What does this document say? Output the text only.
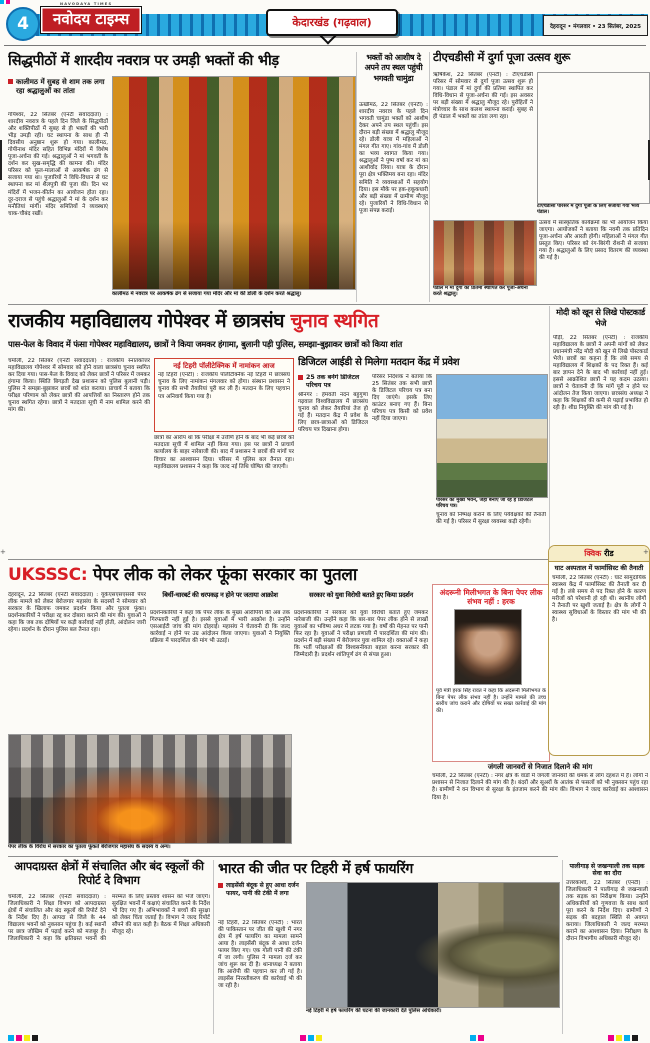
4
NAVODAYA TIMES
नवोदय टाइम्स	केदारखंड (गढ़वाल)	देहरादून • मंगलवार • 23 सितंबर, 2025
सिद्धपीठों में शारदीय नवरात्र पर उमड़ी भक्तों की भीड़
कालीमठ में सुबह से शाम तक लगा रहा श्रद्धालुओं का तांता
गोपेश्वर, 22 सितंबर (एनटी संवाददाता) : शारदीय नवरात्र के पहले दिन जिले के सिद्धपीठों और शक्तिपीठों में सुबह से ही भक्तों की भारी भीड़ उमड़ी रही। घट स्थापना के साथ ही नौ दिवसीय अनुष्ठान शुरू हो गया। कालीमठ, गोपीनाथ मंदिर सहित विभिन्न मंदिरों में विशेष पूजा-अर्चना की गई। श्रद्धालुओं ने मां भगवती के दर्शन कर सुख-समृद्धि की कामना की। मंदिर परिसर को फूल-मालाओं से आकर्षक ढंग से सजाया गया था। पुजारियों ने विधि-विधान से घट स्थापना कर मां शैलपुत्री की पूजा की। दिन भर मंदिरों में भजन-कीर्तन का आयोजन होता रहा। दूर-दराज से पहुंचे श्रद्धालुओं ने मां के दर्शन कर मनौतियां मांगीं। मंदिर समितियों ने व्यवस्थाएं चाक-चौबंद रखीं।
कालीमठ में नवरात्र पर आकर्षक ढंग से सजाया गया मंदिर और मां की डोली के दर्शन करते श्रद्धालु।
भक्तों को आशीष दे अपने तप स्थल पहुंची भगवती चामुंडा
ऊखीमठ, 22 सितंबर (एनटी) : शारदीय नवरात्र के पहले दिन भगवती चामुंडा भक्तों को आशीष देकर अपने तप स्थल पहुंचीं। इस दौरान बड़ी संख्या में श्रद्धालु मौजूद रहे। डोली यात्रा में महिलाओं ने मंगल गीत गाए। गांव-गांव में डोली का भव्य स्वागत किया गया। श्रद्धालुओं ने पुष्प वर्षा कर मां का आशीर्वाद लिया। यात्रा के दौरान पूरा क्षेत्र भक्तिमय बना रहा। मंदिर समिति ने व्यवस्थाओं में सहयोग दिया। इस मौके पर हक-हकूकधारी और बड़ी संख्या में ग्रामीण मौजूद रहे। पुजारियों ने विधि-विधान से पूजा संपन्न कराई।
टीएचडीसी में दुर्गा पूजा उत्सव शुरू
ऋषिकेश, 22 सितंबर (एनटी) : टीएचडीसी परिसर में सोमवार से दुर्गा पूजा उत्सव शुरू हो गया। पंडाल में मां दुर्गा की प्रतिमा स्थापित कर विधि-विधान से पूजा-अर्चना की गई। इस अवसर पर बड़ी संख्या में श्रद्धालु मौजूद रहे। पुरोहितों ने मंत्रोच्चार के साथ कलश स्थापना कराई। सुबह से ही पंडाल में भक्तों का तांता लगा रहा।
टीएचडीसी परिसर में दुर्गा पूजा के लिए सजाया गया भव्य पंडाल।
पंडाल में मां दुर्गा की प्रतिमा स्थापित कर पूजा-अर्चना करते श्रद्धालु।
उत्सव में सांस्कृतिक कार्यक्रमों का भी आयोजन किया जाएगा। आयोजकों ने बताया कि नवमी तक प्रतिदिन पूजा-अर्चना और आरती होगी। महिलाओं ने मंगल गीत प्रस्तुत किए। परिसर को रंग-बिरंगी रोशनी से सजाया गया है। श्रद्धालुओं के लिए प्रसाद वितरण की व्यवस्था की गई है।
राजकीय महाविद्यालय गोपेश्वर में छात्रसंघ चुनाव स्थगित
पास-फेल के विवाद में फंसा गोपेश्वर महाविद्यालय, छात्रों ने किया जमकर हंगामा, बुलानी पड़ी पुलिस, समझा-बुझाकर छात्रों को किया शांत
चमोली, 22 सितंबर (एनटी संवाददाता) : राजकीय स्नातकोत्तर महाविद्यालय गोपेश्वर में सोमवार को होने वाला छात्रसंघ चुनाव स्थगित कर दिया गया। पास-फेल के विवाद को लेकर छात्रों ने परिसर में जमकर हंगामा किया। स्थिति बिगड़ती देख प्रशासन को पुलिस बुलानी पड़ी। पुलिस ने समझा-बुझाकर छात्रों को शांत कराया। प्राचार्य ने बताया कि परीक्षा परिणाम को लेकर छात्रों की आपत्तियों का निस्तारण होने तक चुनाव स्थगित रहेगा। छात्रों ने मतदाता सूची में नाम शामिल करने की मांग की।
नई टिहरी पॉलीटेक्निक में नामांकन आज
नई टिहरी (एनटी) : राजकीय पॉलीटेक्निक नई टिहरी में छात्रसंघ चुनाव के लिए नामांकन मंगलवार को होगा। संस्थान प्रशासन ने चुनाव की सभी तैयारियां पूरी कर ली हैं। मतदान के लिए पहचान पत्र अनिवार्य किया गया है।
छात्रों का आरोप था कि परीक्षा में उत्तीर्ण होने के बाद भी कई छात्रों को मतदाता सूची में शामिल नहीं किया गया। इस पर छात्रों ने प्राचार्य कार्यालय के बाहर नारेबाजी की। बाद में प्रशासन ने छात्रों की मांगों पर विचार का आश्वासन दिया। परिसर में पुलिस बल तैनात रहा। महाविद्यालय प्रशासन ने कहा कि जल्द नई तिथि घोषित की जाएगी।
डिजिटल आईडी से मिलेगा मतदान केंद्र में प्रवेश
25 तक बनेंगे डिजिटल परिचय पत्र
श्रीनगर : हेमवती नंदन बहुगुणा गढ़वाल विश्वविद्यालय में छात्रसंघ चुनाव को लेकर तैयारियां तेज हो गई हैं। मतदान केंद्र में प्रवेश के लिए छात्र-छात्राओं को डिजिटल परिचय पत्र दिखाना होगा।
परिसर निदेशक ने बताया कि 25 सितंबर तक सभी छात्रों के डिजिटल परिचय पत्र बना दिए जाएंगे। इसके लिए काउंटर बनाए गए हैं। बिना परिचय पत्र किसी को प्रवेश नहीं दिया जाएगा।
परिसर का मुख्य भवन, जहां बनाए जा रहे हैं डिजिटल परिचय पत्र।
चुनाव को निष्पक्ष कराने के लिए पर्यवेक्षकों की तैनाती की गई है। परिसर में सुरक्षा व्यवस्था कड़ी रहेगी।
मोदी को खून से लिखे पोस्टकार्ड भेजे
पौड़ी, 22 सितंबर (एनटी) : राजकीय महाविद्यालय के छात्रों ने अपनी मांगों को लेकर प्रधानमंत्री नरेंद्र मोदी को खून से लिखे पोस्टकार्ड भेजे। छात्रों का कहना है कि लंबे समय से महाविद्यालय में शिक्षकों के पद रिक्त हैं। कई बार ज्ञापन देने के बाद भी कार्रवाई नहीं हुई। इससे आक्रोशित छात्रों ने यह कदम उठाया। छात्रों ने चेतावनी दी कि मांगें पूरी न होने पर आंदोलन तेज किया जाएगा। छात्रसंघ अध्यक्ष ने कहा कि शिक्षकों की कमी से पढ़ाई प्रभावित हो रही है। शीघ्र नियुक्ति की मांग की गई है।
UKSSSC: पेपर लीक को लेकर फूंका सरकार का पुतला
देहरादून, 22 सितंबर (एनटी संवाददाता) : यूकेएसएसएससी पेपर लीक मामले को लेकर बेरोजगार महासंघ के सदस्यों ने सोमवार को सरकार के खिलाफ जमकर प्रदर्शन किया और पुतला फूंका। प्रदर्शनकारियों ने परीक्षा रद्द कर दोबारा कराने की मांग की। युवाओं ने कहा कि जब तक दोषियों पर कड़ी कार्रवाई नहीं होती, आंदोलन जारी रहेगा। प्रदर्शन के दौरान पुलिस बल तैनात रहा।
बिर्ची-चारबर्ट की धरपकड़ न होने पर जताया आक्रोश
प्रदर्शनकारियों ने कहा कि पेपर लीक के मुख्य आरोपियों की अब तक गिरफ्तारी नहीं हुई है। इससे युवाओं में भारी आक्रोश है। उन्होंने एसआईटी जांच की मांग दोहराई। महासंघ ने चेतावनी दी कि जल्द कार्रवाई न होने पर उग्र आंदोलन किया जाएगा। युवाओं ने नियुक्ति प्रक्रिया में पारदर्शिता की मांग भी उठाई।
सरकार को युवा विरोधी बताते हुए किया प्रदर्शन
प्रदर्शनकारियों ने सरकार को युवा विरोधी बताते हुए जमकर नारेबाजी की। उन्होंने कहा कि बार-बार पेपर लीक होने से लाखों युवाओं का भविष्य अधर में लटक गया है। वर्षों की मेहनत पर पानी फिर रहा है। युवाओं ने परीक्षा प्रणाली में पारदर्शिता की मांग की। प्रदर्शन में बड़ी संख्या में बेरोजगार युवा शामिल रहे। वक्ताओं ने कहा कि भर्ती परीक्षाओं की विश्वसनीयता बहाल करना सरकार की जिम्मेदारी है। प्रदर्शन शांतिपूर्ण ढंग से संपन्न हुआ।
पेपर लीक के विरोध में सरकार का पुतला फूंकते बेरोजगार महासंघ के सदस्य व अन्य।
अंदरूनी मिलीभगत के बिना पेपर लीक संभव नहीं : हरक
पूर्व मंत्री हरक सिंह रावत ने कहा कि अंदरूनी मिलीभगत के बिना पेपर लीक संभव नहीं है। उन्होंने मामले की उच्च स्तरीय जांच कराने और दोषियों पर सख्त कार्रवाई की मांग की।
क्विक रीड
घाट अस्पताल में फार्मासिस्ट की तैनाती
चमोली, 22 सितंबर (एनटी) : घाट सामुदायिक स्वास्थ्य केंद्र में फार्मासिस्ट की तैनाती कर दी गई है। लंबे समय से पद रिक्त होने के कारण मरीजों को परेशानी हो रही थी। स्थानीय लोगों ने तैनाती पर खुशी जताई है। क्षेत्र के लोगों ने स्वास्थ्य सुविधाओं के विस्तार की मांग भी की है।
जंगली जानवरों से निजात दिलाने की मांग
चमोली, 22 सितंबर (एनटी) : नगर क्षेत्र के वार्डों में जंगली जानवरों की धमक से लोग दहशत में हैं। लोगों ने प्रशासन से निजात दिलाने की मांग की है। बंदरों और सूअरों के आतंक से फसलों को भी नुकसान पहुंच रहा है। ग्रामीणों ने वन विभाग से सुरक्षा के इंतजाम करने की मांग की। विभाग ने जल्द कार्रवाई का आश्वासन दिया है।
आपदाग्रस्त क्षेत्रों में संचालित और बंद स्कूलों की रिपोर्ट दे विभाग
चमोली, 22 सितंबर (एनटी संवाददाता) : जिलाधिकारी ने शिक्षा विभाग को आपदाग्रस्त क्षेत्रों में संचालित और बंद स्कूलों की रिपोर्ट देने के निर्देश दिए हैं। आपदा से जिले के 44 विद्यालय भवनों को नुकसान पहुंचा है। कई स्थानों पर छात्र जोखिम में पढ़ाई करने को मजबूर हैं। जिलाधिकारी ने कहा कि क्षतिग्रस्त भवनों की मरम्मत के लिए प्रस्ताव शासन को भेजे जाएंगे। सुरक्षित भवनों में कक्षाएं संचालित करने के निर्देश भी दिए गए हैं। अभिभावकों ने बच्चों की सुरक्षा को लेकर चिंता जताई है। विभाग ने जल्द रिपोर्ट सौंपने की बात कही है। बैठक में शिक्षा अधिकारी मौजूद रहे।
भारत की जीत पर टिहरी में हर्ष फायरिंग
लाइसेंसी बंदूक से हुए आधा दर्जन फायर, पानी की टंकी में लगा
नई टिहरी, 22 सितंबर (एनटी) : भारत की पाकिस्तान पर जीत की खुशी में नगर क्षेत्र में हर्ष फायरिंग का मामला सामने आया है। लाइसेंसी बंदूक से आधा दर्जन फायर किए गए। एक गोली पानी की टंकी में जा लगी। पुलिस ने मामला दर्ज कर जांच शुरू कर दी है। थानाध्यक्ष ने बताया कि आरोपी की पहचान कर ली गई है। लाइसेंस निरस्तीकरण की कार्रवाई भी की जा रही है।
नई टिहरी में हर्ष फायरिंग की घटना की जानकारी देते पुलिस अधिकारी।
पालीगाड़ से जखन्याली तक सड़क सेवा का दौरा
उत्तरकाशी, 22 सितंबर (एनटी) : जिलाधिकारी ने पालीगाड़ से जखन्याली तक सड़क का निरीक्षण किया। उन्होंने अधिकारियों को गुणवत्ता के साथ कार्य पूरा करने के निर्देश दिए। ग्रामीणों ने सड़क की बदहाल स्थिति से अवगत कराया। जिलाधिकारी ने जल्द मरम्मत कराने का आश्वासन दिया। निरीक्षण के दौरान विभागीय अधिकारी मौजूद रहे।
+	+
